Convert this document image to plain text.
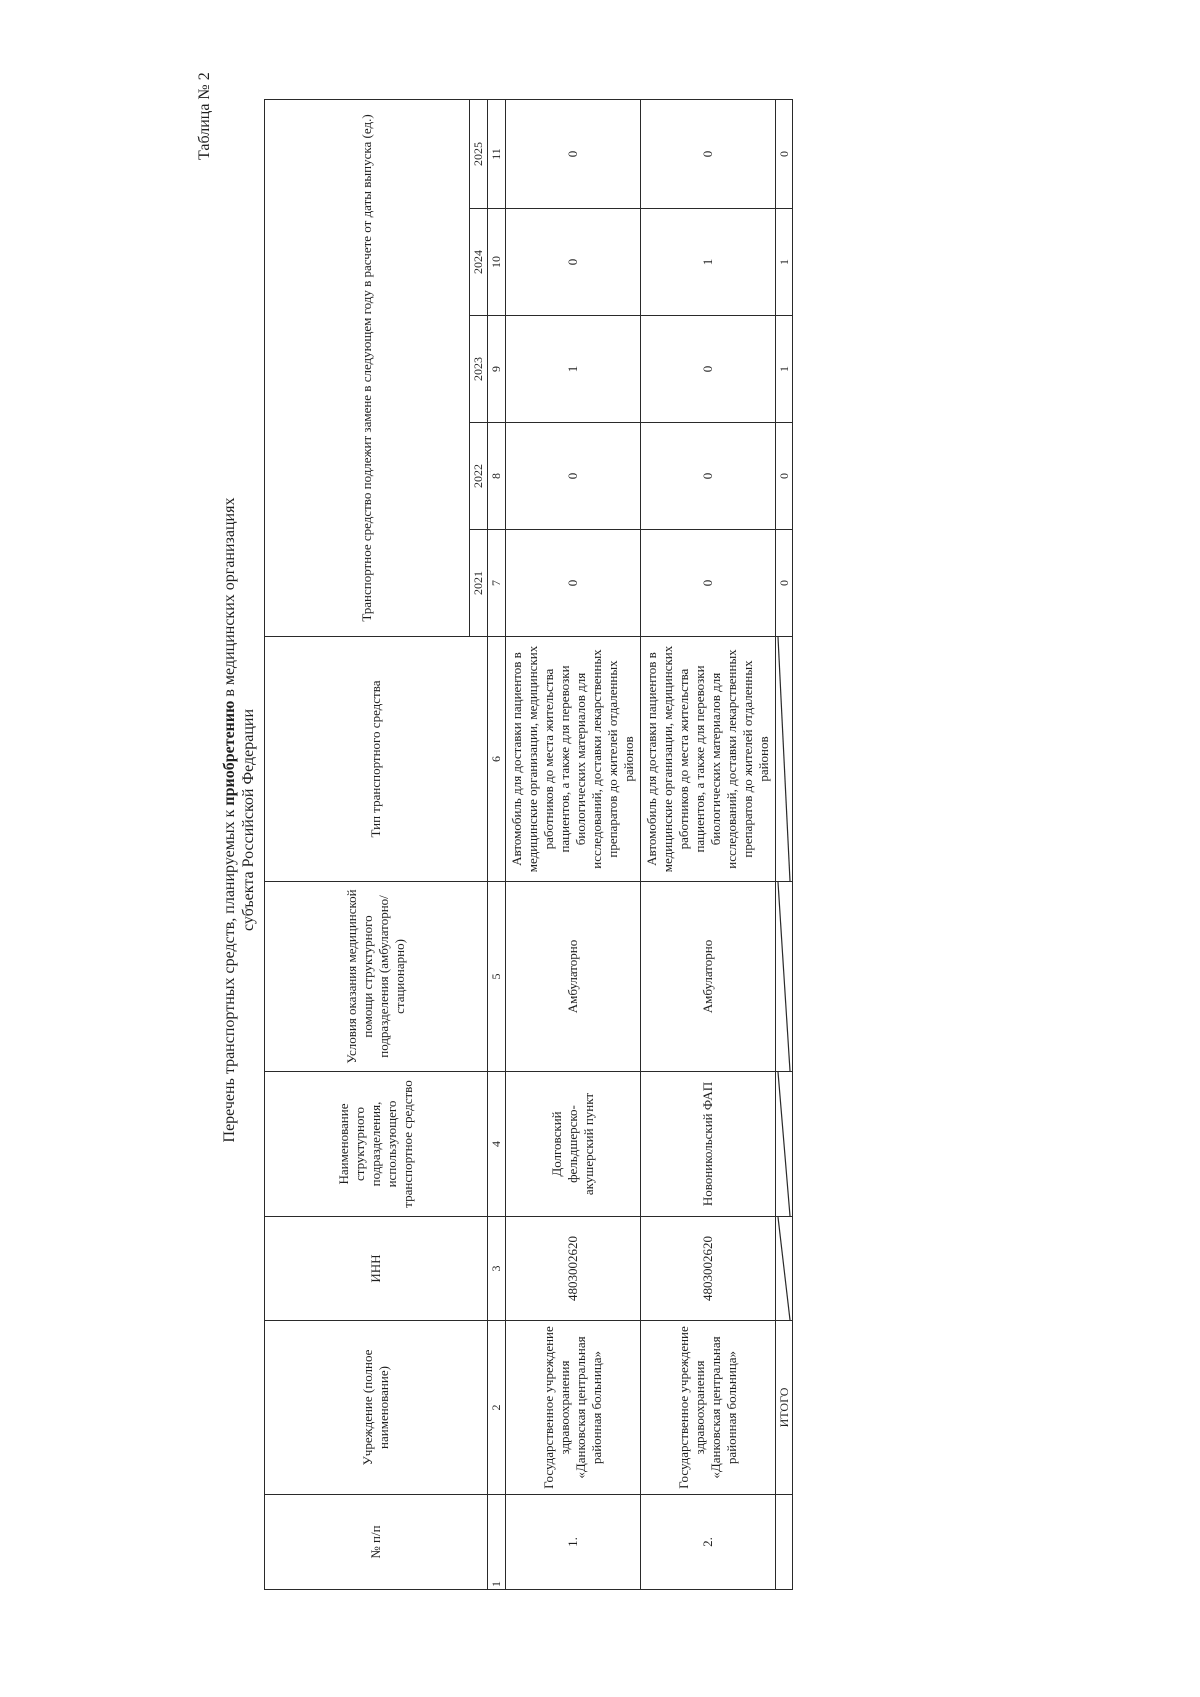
Таблица № 2
Перечень транспортных средств, планируемых к приобретению в медицинских организациях субъекта Российской Федерации
№ п/п	Учреждение (полное наименование)	ИНН	Наименование структурного подразделения, использующего транспортное средство	Условия оказания медицинской помощи структурного подразделения (амбулаторно/стационарно)	Тип транспортного средства	Транспортное средство подлежит замене в следующем году в расчете от даты выпуска (ед.)				
						2021	2022	2023	2024	2025
1	2	3	4	5	6	7	8	9	10	11
1.	Государственное учреждение здравоохранения «Данковская центральная районная больница»	4803002620	Долговский фельдшерско-акушерский пункт	Амбулаторно	Автомобиль для доставки пациентов в медицинские организации, медицинских работников до места жительства пациентов, а также для перевозки биологических материалов для исследований, доставки лекарственных препаратов до жителей отдаленных районов	0	0	1	0	0
2.	Государственное учреждение здравоохранения «Данковская центральная районная больница»	4803002620	Новоникольский ФАП	Амбулаторно	Автомобиль для доставки пациентов в медицинские организации, медицинских работников до места жительства пациентов, а также для перевозки биологических материалов для исследований, доставки лекарственных препаратов до жителей отдаленных районов	0	0	0	1	0
	ИТОГО					0	0	1	1	0
